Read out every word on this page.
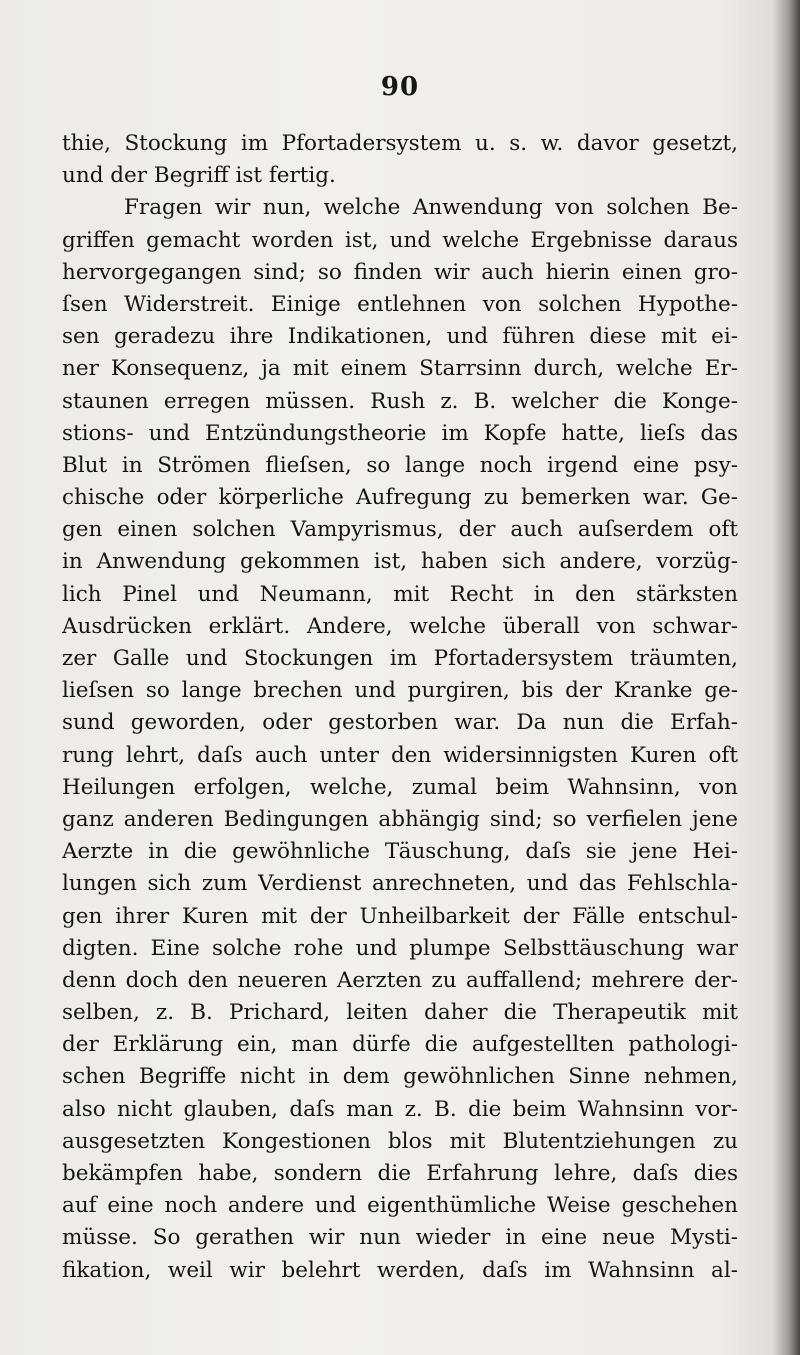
90
thie, Stockung im Pfortadersystem u. s. w. davor gesetzt,
und der Begriff ist fertig.
Fragen wir nun, welche Anwendung von solchen Be-
griffen gemacht worden ist, und welche Ergebnisse daraus
hervorgegangen sind; so finden wir auch hierin einen gro-
ſsen Widerstreit. Einige entlehnen von solchen Hypothe-
sen geradezu ihre Indikationen, und führen diese mit ei-
ner Konsequenz, ja mit einem Starrsinn durch, welche Er-
staunen erregen müssen. Rush z. B. welcher die Konge-
stions- und Entzündungstheorie im Kopfe hatte, lieſs das
Blut in Strömen flieſsen, so lange noch irgend eine psy-
chische oder körperliche Aufregung zu bemerken war. Ge-
gen einen solchen Vampyrismus, der auch auſserdem oft
in Anwendung gekommen ist, haben sich andere, vorzüg-
lich Pinel und Neumann, mit Recht in den stärksten
Ausdrücken erklärt. Andere, welche überall von schwar-
zer Galle und Stockungen im Pfortadersystem träumten,
lieſsen so lange brechen und purgiren, bis der Kranke ge-
sund geworden, oder gestorben war. Da nun die Erfah-
rung lehrt, daſs auch unter den widersinnigsten Kuren oft
Heilungen erfolgen, welche, zumal beim Wahnsinn, von
ganz anderen Bedingungen abhängig sind; so verfielen jene
Aerzte in die gewöhnliche Täuschung, daſs sie jene Hei-
lungen sich zum Verdienst anrechneten, und das Fehlschla-
gen ihrer Kuren mit der Unheilbarkeit der Fälle entschul-
digten. Eine solche rohe und plumpe Selbsttäuschung war
denn doch den neueren Aerzten zu auffallend; mehrere der-
selben, z. B. Prichard, leiten daher die Therapeutik mit
der Erklärung ein, man dürfe die aufgestellten pathologi-
schen Begriffe nicht in dem gewöhnlichen Sinne nehmen,
also nicht glauben, daſs man z. B. die beim Wahnsinn vor-
ausgesetzten Kongestionen blos mit Blutentziehungen zu
bekämpfen habe, sondern die Erfahrung lehre, daſs dies
auf eine noch andere und eigenthümliche Weise geschehen
müsse. So gerathen wir nun wieder in eine neue Mysti-
fikation, weil wir belehrt werden, daſs im Wahnsinn al-
